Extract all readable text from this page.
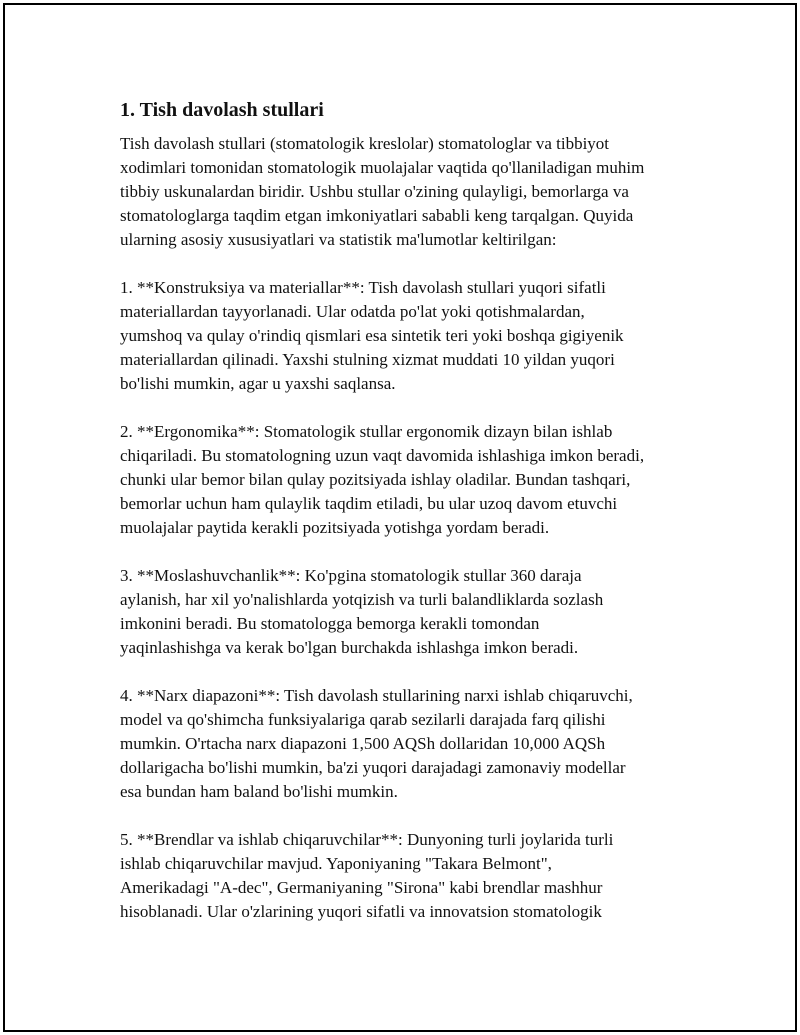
1. Tish davolash stullari
Tish davolash stullari (stomatologik kreslolar) stomatologlar va tibbiyot
xodimlari tomonidan stomatologik muolajalar vaqtida qo'llaniladigan muhim
tibbiy uskunalardan biridir. Ushbu stullar o'zining qulayligi, bemorlarga va
stomatologlarga taqdim etgan imkoniyatlari sababli keng tarqalgan. Quyida
ularning asosiy xususiyatlari va statistik ma'lumotlar keltirilgan:
1. **Konstruksiya va materiallar**: Tish davolash stullari yuqori sifatli
materiallardan tayyorlanadi. Ular odatda po'lat yoki qotishmalardan,
yumshoq va qulay o'rindiq qismlari esa sintetik teri yoki boshqa gigiyenik
materiallardan qilinadi. Yaxshi stulning xizmat muddati 10 yildan yuqori
bo'lishi mumkin, agar u yaxshi saqlansa.
2. **Ergonomika**: Stomatologik stullar ergonomik dizayn bilan ishlab
chiqariladi. Bu stomatologning uzun vaqt davomida ishlashiga imkon beradi,
chunki ular bemor bilan qulay pozitsiyada ishlay oladilar. Bundan tashqari,
bemorlar uchun ham qulaylik taqdim etiladi, bu ular uzoq davom etuvchi
muolajalar paytida kerakli pozitsiyada yotishga yordam beradi.
3. **Moslashuvchanlik**: Ko'pgina stomatologik stullar 360 daraja
aylanish, har xil yo'nalishlarda yotqizish va turli balandliklarda sozlash
imkonini beradi. Bu stomatologga bemorga kerakli tomondan
yaqinlashishga va kerak bo'lgan burchakda ishlashga imkon beradi.
4. **Narx diapazoni**: Tish davolash stullarining narxi ishlab chiqaruvchi,
model va qo'shimcha funksiyalariga qarab sezilarli darajada farq qilishi
mumkin. O'rtacha narx diapazoni 1,500 AQSh dollaridan 10,000 AQSh
dollarigacha bo'lishi mumkin, ba'zi yuqori darajadagi zamonaviy modellar
esa bundan ham baland bo'lishi mumkin.
5. **Brendlar va ishlab chiqaruvchilar**: Dunyoning turli joylarida turli
ishlab chiqaruvchilar mavjud. Yaponiyaning "Takara Belmont",
Amerikadagi "A-dec", Germaniyaning "Sirona" kabi brendlar mashhur
hisoblanadi. Ular o'zlarining yuqori sifatli va innovatsion stomatologik
